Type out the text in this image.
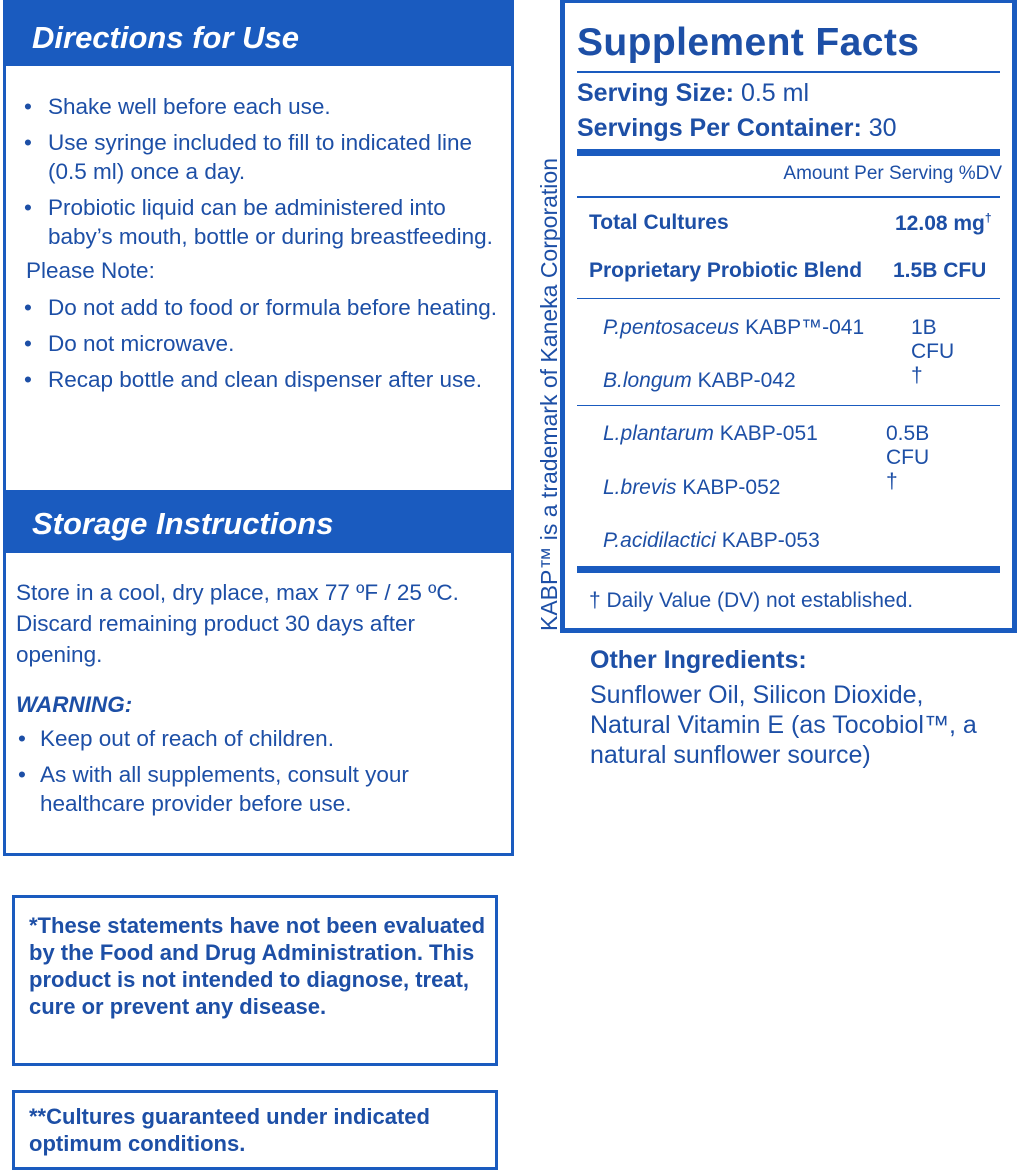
Directions for Use
• Shake well before each use.
• Use syringe included to fill to indicated line (0.5 ml) once a day.
• Probiotic liquid can be administered into baby’s mouth, bottle or during breastfeeding.
Please Note:
• Do not add to food or formula before heating.
• Do not microwave.
• Recap bottle and clean dispenser after use.
Storage Instructions
Store in a cool, dry place, max 77 ºF / 25 ºC. Discard remaining product 30 days after opening.
WARNING:
• Keep out of reach of children.
• As with all supplements, consult your healthcare provider before use.
*These statements have not been evaluated by the Food and Drug Administration. This product is not intended to diagnose, treat, cure or prevent any disease.
**Cultures guaranteed under indicated optimum conditions.
KABP™ is a trademark of Kaneka Corporation
Supplement Facts
Serving Size: 0.5 ml
Servings Per Container: 30
Amount Per Serving %DV
Total Cultures	12.08 mg†
Proprietary Probiotic Blend 1.5B CFU
P.pentosaceus KABP™-041 1B CFU †
B.longum KABP-042
L.plantarum KABP-051	0.5B CFU †
L.brevis KABP-052
P.acidilactici KABP-053
† Daily Value (DV) not established.
Other Ingredients:
Sunflower Oil, Silicon Dioxide, Natural Vitamin E (as Tocobiol™, a natural sunflower source)
